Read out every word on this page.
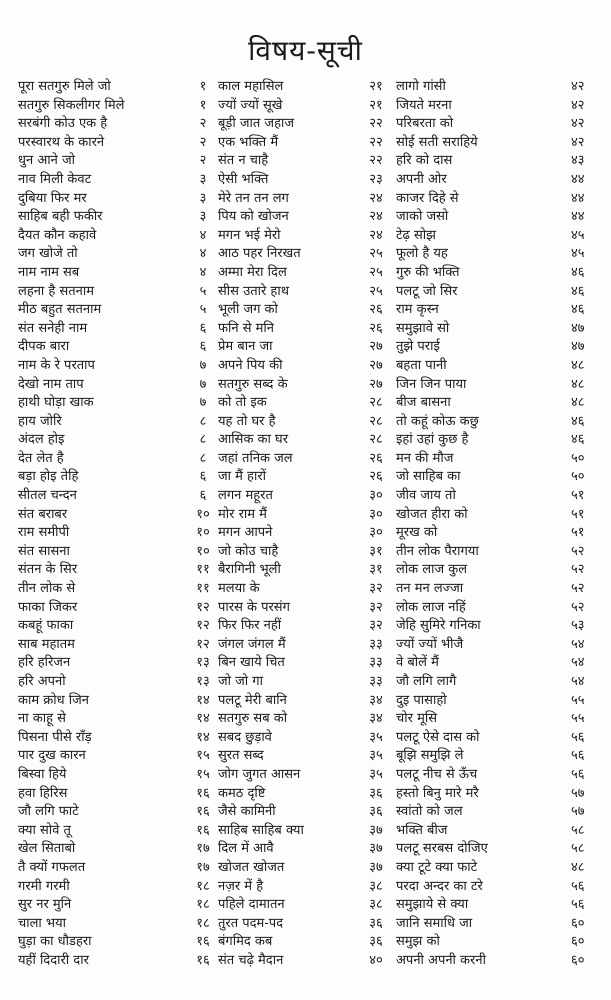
विषय-सूची
पूरा सतगुरु मिले जो	१ काल महासिल	२१	लागो गांसी	४२
सतगुरु सिकलीगर मिले	१ ज्यों ज्यों सूखे	२१	जियते मरना	४२
सरबंगी कोउ एक है	२ बूड़ी जात जहाज	२२	परिबरता को	४२
परस्वारथ के कारने	२ एक भक्ति मैं	२२	सोई सती सराहिये	४२
धुन आने जो	२ संत न चाहै	२२	हरि को दास	४३
नाव मिली केवट	३ ऐसी भक्ति	२३	अपनी ओर	४४
दुबिया फिर मर	३ मेरे तन तन लग	२४	काजर दिहे से	४४
साहिब बही फकीर	३ पिय को खोजन	२४	जाको जसो	४४
दैयत कौन कहावे	४ मगन भई मेरो	२४	टेढ़ सोझ	४५
जग खोजे तो	४ आठ पहर निरखत	२५	फूलो है यह	४५
नाम नाम सब	४ अम्मा मेरा दिल	२५	गुरु की भक्ति	४६
लहना है सतनाम	५ सीस उतारे हाथ	२५	पलटू जो सिर	४६
मीठ बहुत सतनाम	५ भूली जग को	२६	राम कृस्न	४६
संत सनेही नाम	६ फनि से मनि	२६	समुझावे सो	४७
दीपक बारा	६ प्रेम बान जा	२७	तुझे पराई	४७
नाम के रे परताप	७ अपने पिय की	२७	बहता पानी	४८
देखो नाम ताप	७ सतगुरु सब्द के	२७	जिन जिन पाया	४८
हाथी घोड़ा खाक	७ को तो इक	२८	बीज बासना	४८
हाय जोरि	८ यह तो घर है	२८	तो कहूं कोऊ कछु	४६
अंदल होइ	८ आसिक का घर	२८	इहां उहां कुछ है	४६
देत लेत है	८ जहां तनिक जल	२६	मन की मौज	५०
बड़ा होइ तेहि	६ जा मैं हारों	२६	जो साहिब का	५०
सीतल चन्दन	६ लगन महूरत	३०	जीव जाय तो	५१
संत बराबर	१० मोर राम मैं	३०	खोजत हीरा को	५१
राम समीपी	१० मगन आपने	३०	मूरख को	५१
संत सासना	१० जो कोउ चाहै	३१	तीन लोक पैरागया	५२
संतन के सिर	११ बैरागिनी भूली	३१	लोक लाज कुल	५२
तीन लोक से	११ मलया के	३२	तन मन लज्जा	५२
फाका जिकर	१२ पारस के परसंग	३२	लोक लाज नहिं	५२
कबहूं फाका	१२ फिर फिर नहीं	३२	जेहि सुमिरे गनिका	५३
साब महातम	१२ जंगल जंगल मैं	३३	ज्यों ज्यों भीजै	५४
हरि हरिजन	१३ बिन खाये चित	३३	वे बोलें मैं	५४
हरि अपनो	१३ जो जो गा	३३	जौ लगि लागै	५४
काम क्रोध जिन	१४ पलटू मेरी बानि	३४	दुइ पासाहो	५५
ना काहू से	१४ सतगुरु सब को	३४	चोर मूसि	५५
पिसना पीसे राँड़	१४ सबद छुड़ावे	३५	पलटू ऐसे दास को	५६
पार दुख कारन	१५ सुरत सब्द	३५	बूझि समुझि ले	५६
बिस्वा हिये	१५ जोग जुगत आसन	३५	पलटू नीच से ऊँच	५६
हवा हिरिस	१६ कमठ दृष्टि	३६	हस्तो बिनु मारे मरै	५७
जौ लगि फाटे	१६ जैसे कामिनी	३६	स्वांतो को जल	५७
क्या सोवे तू	१६ साहिब साहिब क्या	३७	भक्ति बीज	५८
खेल सिताबो	१७ दिल में आवै	३७	पलटू सरबस दोजिए	५८
तै क्यों गफलत	१७ खोजत खोजत	३७	क्या टूटे क्या फाटे	४८
गरमी गरमी	१८ नज़र में है	३८	परदा अन्दर का टरे	५६
सुर नर मुनि	१८ पहिले दामातन	३८	समुझाये से क्या	५६
चाला भया	१८ तुरत पदम-पद	३६	जानि समाधि जा	६०
घुड़ा का धौडहरा	१६ बंगमिद कब	३६	समुझ को	६०
यहीं दिदारी दार	१६ संत चढ़े मैदान	४०	अपनी अपनी करनी	६०
